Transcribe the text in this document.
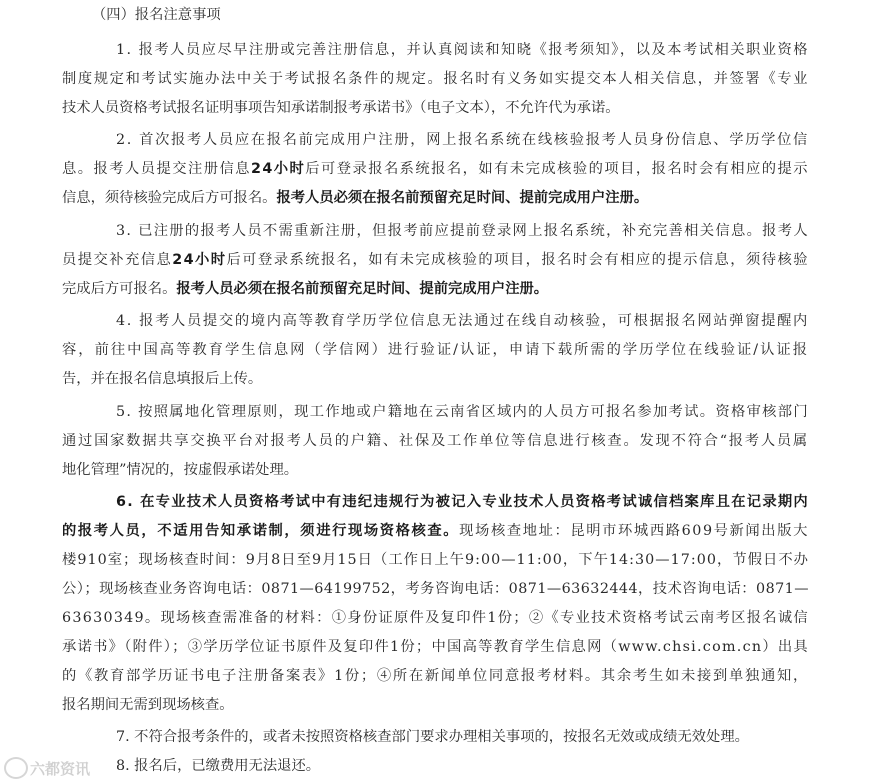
（四）报名注意事项
1. 报考人员应尽早注册或完善注册信息，并认真阅读和知晓《报考须知》，以及本考试相关职业资格
制度规定和考试实施办法中关于考试报名条件的规定。报名时有义务如实提交本人相关信息，并签署《专业
技术人员资格考试报名证明事项告知承诺制报考承诺书》（电子文本），不允许代为承诺。
2. 首次报考人员应在报名前完成用户注册，网上报名系统在线核验报考人员身份信息、学历学位信
息。报考人员提交注册信息24小时后可登录报名系统报名，如有未完成核验的项目，报名时会有相应的提示
信息，须待核验完成后方可报名。报考人员必须在报名前预留充足时间、提前完成用户注册。
3. 已注册的报考人员不需重新注册，但报考前应提前登录网上报名系统，补充完善相关信息。报考人
员提交补充信息24小时后可登录系统报名，如有未完成核验的项目，报名时会有相应的提示信息，须待核验
完成后方可报名。报考人员必须在报名前预留充足时间、提前完成用户注册。
4. 报考人员提交的境内高等教育学历学位信息无法通过在线自动核验，可根据报名网站弹窗提醒内
容，前往中国高等教育学生信息网（学信网）进行验证/认证，申请下载所需的学历学位在线验证/认证报
告，并在报名信息填报后上传。
5. 按照属地化管理原则，现工作地或户籍地在云南省区域内的人员方可报名参加考试。资格审核部门
通过国家数据共享交换平台对报考人员的户籍、社保及工作单位等信息进行核查。发现不符合“报考人员属
地化管理”情况的，按虚假承诺处理。
6. 在专业技术人员资格考试中有违纪违规行为被记入专业技术人员资格考试诚信档案库且在记录期内
的报考人员，不适用告知承诺制，须进行现场资格核查。现场核查地址：昆明市环城西路609号新闻出版大
楼910室；现场核查时间：9月8日至9月15日（工作日上午9:00—11:00，下午14:30—17:00，节假日不办
公）；现场核查业务咨询电话：0871—64199752，考务咨询电话：0871—63632444，技术咨询电话：0871—
63630349。现场核查需准备的材料：①身份证原件及复印件1份；②《专业技术资格考试云南考区报名诚信
承诺书》（附件）；③学历学位证书原件及复印件1份；中国高等教育学生信息网（www.chsi.com.cn）出具
的《教育部学历证书电子注册备案表》1份；④所在新闻单位同意报考材料。其余考生如未接到单独通知，
报名期间无需到现场核查。
7. 不符合报考条件的，或者未按照资格核查部门要求办理相关事项的，按报名无效或成绩无效处理。
8. 报名后，已缴费用无法退还。
六都资讯
